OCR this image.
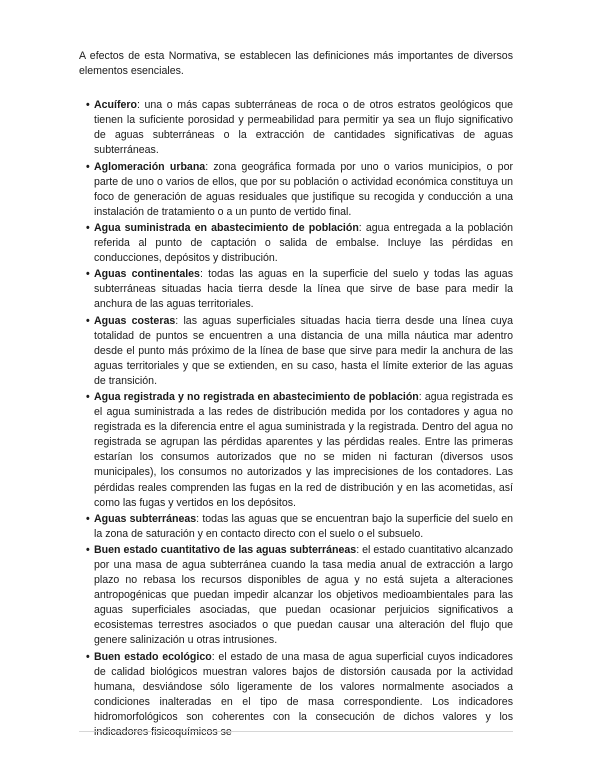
A efectos de esta Normativa, se establecen las definiciones más importantes de diversos elementos esenciales.

• Acuífero: una o más capas subterráneas de roca o de otros estratos geológicos que tienen la suficiente porosidad y permeabilidad para permitir ya sea un flujo significativo de aguas subterráneas o la extracción de cantidades significativas de aguas subterráneas.
• Aglomeración urbana: zona geográfica formada por uno o varios municipios, o por parte de uno o varios de ellos, que por su población o actividad económica constituya un foco de generación de aguas residuales que justifique su recogida y conducción a una instalación de tratamiento o a un punto de vertido final.
• Agua suministrada en abastecimiento de población: agua entregada a la población referida al punto de captación o salida de embalse. Incluye las pérdidas en conducciones, depósitos y distribución.
• Aguas continentales: todas las aguas en la superficie del suelo y todas las aguas subterráneas situadas hacia tierra desde la línea que sirve de base para medir la anchura de las aguas territoriales.
• Aguas costeras: las aguas superficiales situadas hacia tierra desde una línea cuya totalidad de puntos se encuentren a una distancia de una milla náutica mar adentro desde el punto más próximo de la línea de base que sirve para medir la anchura de las aguas territoriales y que se extienden, en su caso, hasta el límite exterior de las aguas de transición.
• Agua registrada y no registrada en abastecimiento de población: agua registrada es el agua suministrada a las redes de distribución medida por los contadores y agua no registrada es la diferencia entre el agua suministrada y la registrada. Dentro del agua no registrada se agrupan las pérdidas aparentes y las pérdidas reales. Entre las primeras estarían los consumos autorizados que no se miden ni facturan (diversos usos municipales), los consumos no autorizados y las imprecisiones de los contadores. Las pérdidas reales comprenden las fugas en la red de distribución y en las acometidas, así como las fugas y vertidos en los depósitos.
• Aguas subterráneas: todas las aguas que se encuentran bajo la superficie del suelo en la zona de saturación y en contacto directo con el suelo o el subsuelo.
• Buen estado cuantitativo de las aguas subterráneas: el estado cuantitativo alcanzado por una masa de agua subterránea cuando la tasa media anual de extracción a largo plazo no rebasa los recursos disponibles de agua y no está sujeta a alteraciones antropogénicas que puedan impedir alcanzar los objetivos medioambientales para las aguas superficiales asociadas, que puedan ocasionar perjuicios significativos a ecosistemas terrestres asociados o que puedan causar una alteración del flujo que genere salinización u otras intrusiones.
• Buen estado ecológico: el estado de una masa de agua superficial cuyos indicadores de calidad biológicos muestran valores bajos de distorsión causada por la actividad humana, desviándose sólo ligeramente de los valores normalmente asociados a condiciones inalteradas en el tipo de masa correspondiente. Los indicadores hidromorfológicos son coherentes con la consecución de dichos valores y los indicadores fisicoquímicos se
